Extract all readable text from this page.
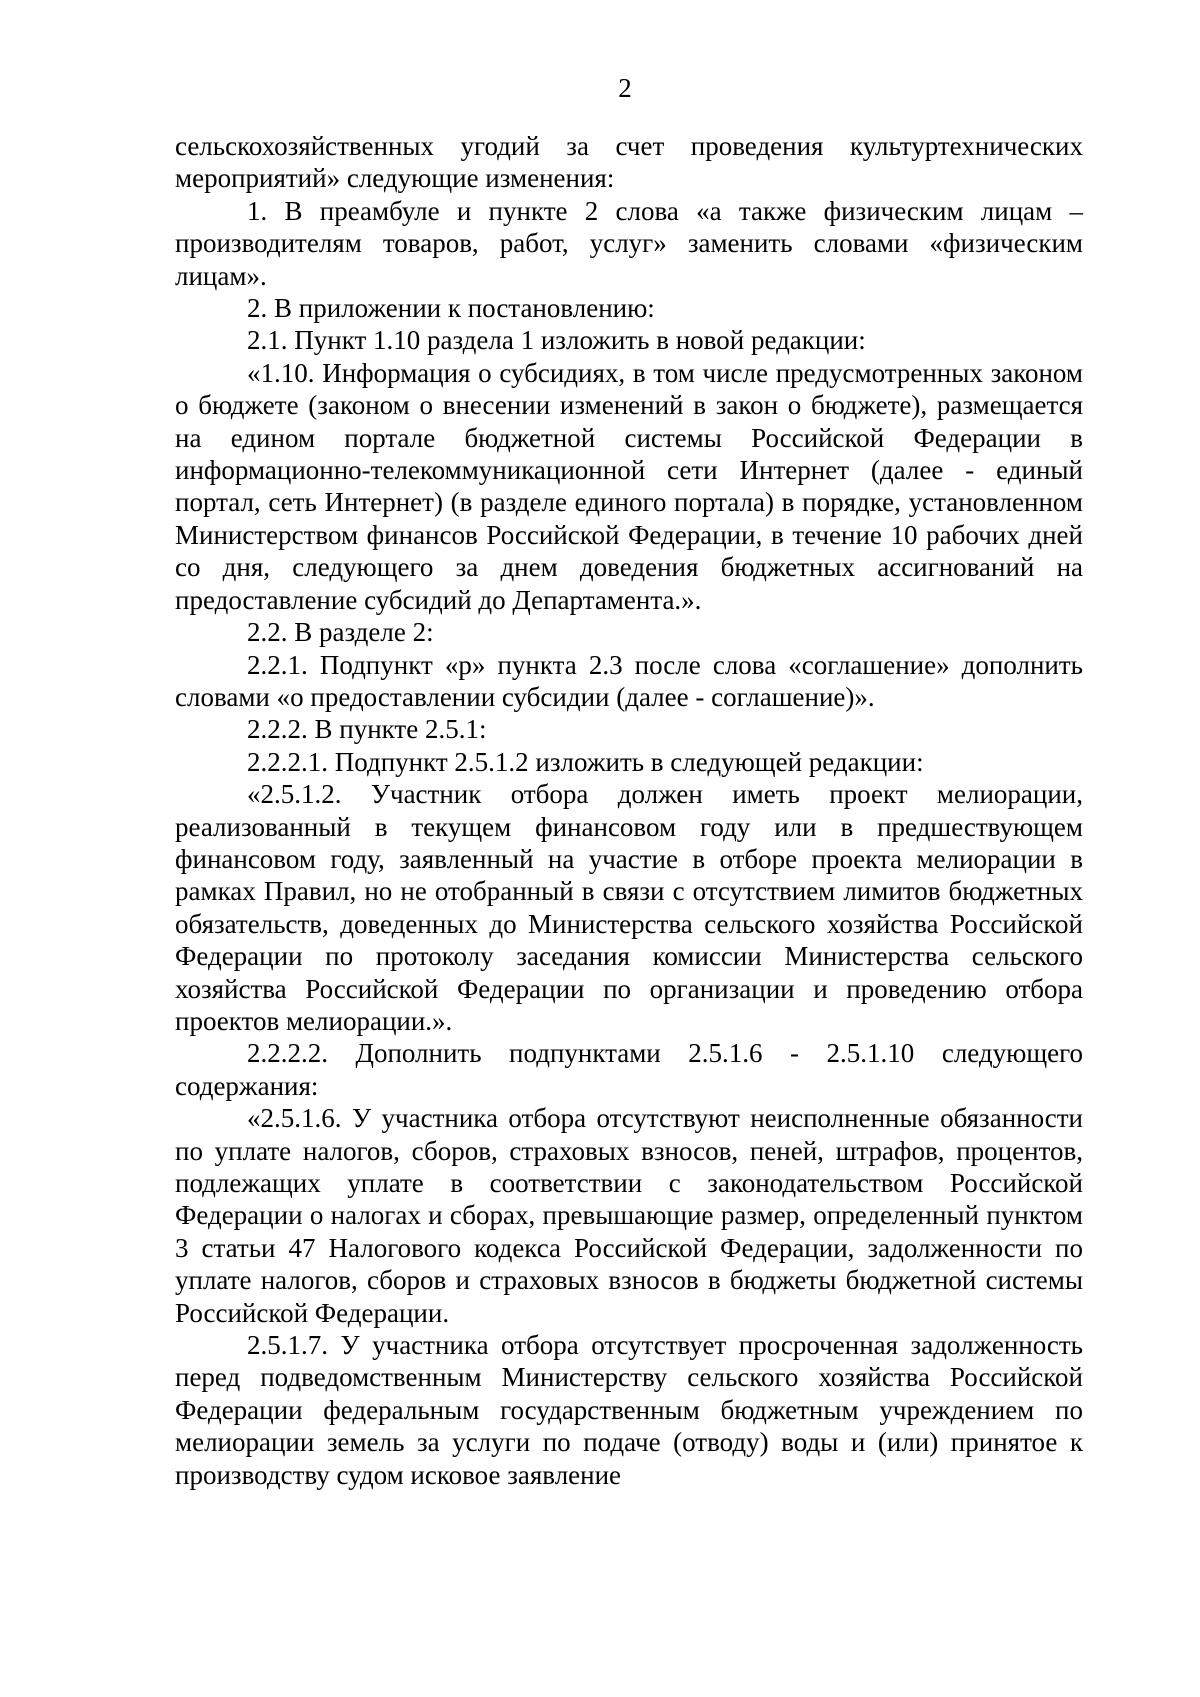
2

сельскохозяйственных угодий за счет проведения культуртехнических мероприятий» следующие изменения:

1. В преамбуле и пункте 2 слова «а также физическим лицам – производителям товаров, работ, услуг» заменить словами «физическим лицам».

2. В приложении к постановлению:

2.1. Пункт 1.10 раздела 1 изложить в новой редакции:

«1.10. Информация о субсидиях, в том числе предусмотренных законом о бюджете (законом о внесении изменений в закон о бюджете), размещается на едином портале бюджетной системы Российской Федерации в информационно-телекоммуникационной сети Интернет (далее - единый портал, сеть Интернет) (в разделе единого портала) в порядке, установленном Министерством финансов Российской Федерации, в течение 10 рабочих дней со дня, следующего за днем доведения бюджетных ассигнований на предоставление субсидий до Департамента.».

2.2. В разделе 2:

2.2.1. Подпункт «р» пункта 2.3 после слова «соглашение» дополнить словами «о предоставлении субсидии (далее - соглашение)».

2.2.2. В пункте 2.5.1:

2.2.2.1. Подпункт 2.5.1.2 изложить в следующей редакции:

«2.5.1.2. Участник отбора должен иметь проект мелиорации, реализованный в текущем финансовом году или в предшествующем финансовом году, заявленный на участие в отборе проекта мелиорации в рамках Правил, но не отобранный в связи с отсутствием лимитов бюджетных обязательств, доведенных до Министерства сельского хозяйства Российской Федерации по протоколу заседания комиссии Министерства сельского хозяйства Российской Федерации по организации и проведению отбора проектов мелиорации.».

2.2.2.2. Дополнить подпунктами 2.5.1.6 - 2.5.1.10 следующего содержания:

«2.5.1.6. У участника отбора отсутствуют неисполненные обязанности по уплате налогов, сборов, страховых взносов, пеней, штрафов, процентов, подлежащих уплате в соответствии с законодательством Российской Федерации о налогах и сборах, превышающие размер, определенный пунктом 3 статьи 47 Налогового кодекса Российской Федерации, задолженности по уплате налогов, сборов и страховых взносов в бюджеты бюджетной системы Российской Федерации.

2.5.1.7. У участника отбора отсутствует просроченная задолженность перед подведомственным Министерству сельского хозяйства Российской Федерации федеральным государственным бюджетным учреждением по мелиорации земель за услуги по подаче (отводу) воды и (или) принятое к производству судом исковое заявление
